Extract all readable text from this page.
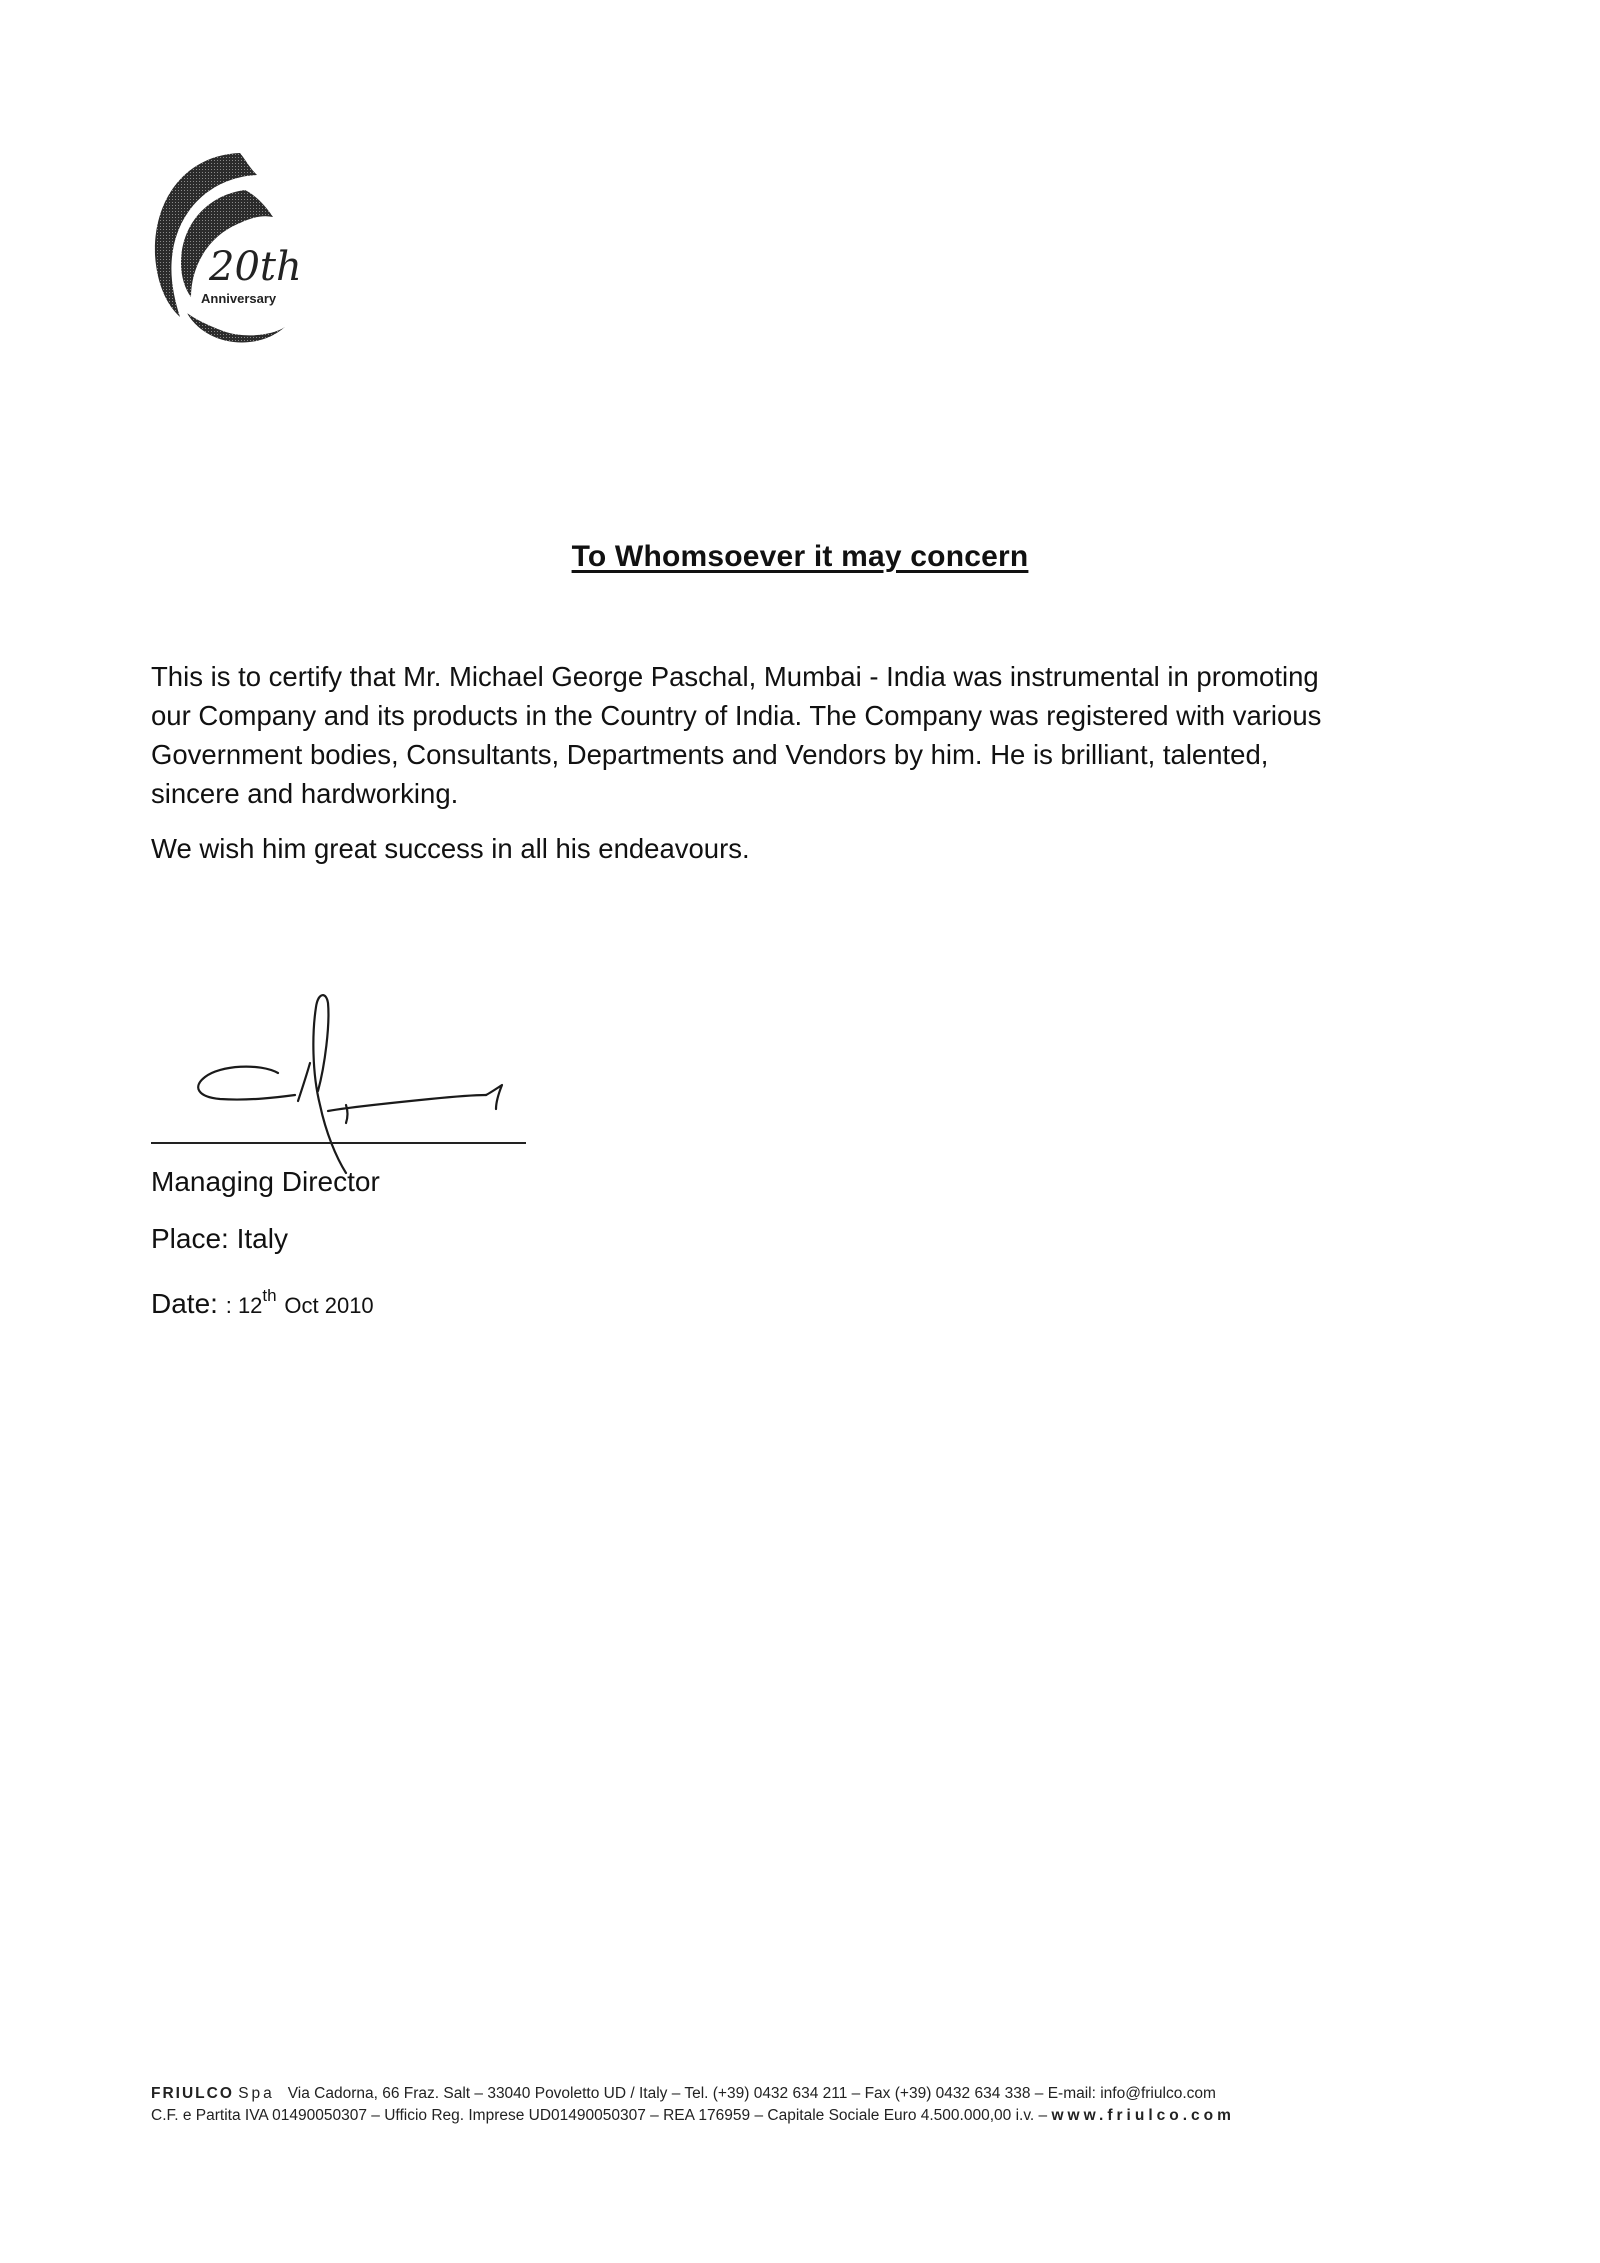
20th
Anniversary
To Whomsoever it may concern

This is to certify that Mr. Michael George Paschal, Mumbai - India was instrumental in promoting
our Company and its products in the Country of India. The Company was registered with various
Government bodies, Consultants, Departments and Vendors by him. He is brilliant, talented,
sincere and hardworking.

We wish him great success in all his endeavours.

Managing Director
Place: Italy
Date: : 12th Oct 2010
FRIULCO Spa Via Cadorna, 66 Fraz. Salt – 33040 Povoletto UD / Italy – Tel. (+39) 0432 634 211 – Fax (+39) 0432 634 338 – E-mail: info@friulco.com
C.F. e Partita IVA 01490050307 – Ufficio Reg. Imprese UD01490050307 – REA 176959 – Capitale Sociale Euro 4.500.000,00 i.v. – www.friulco.com
